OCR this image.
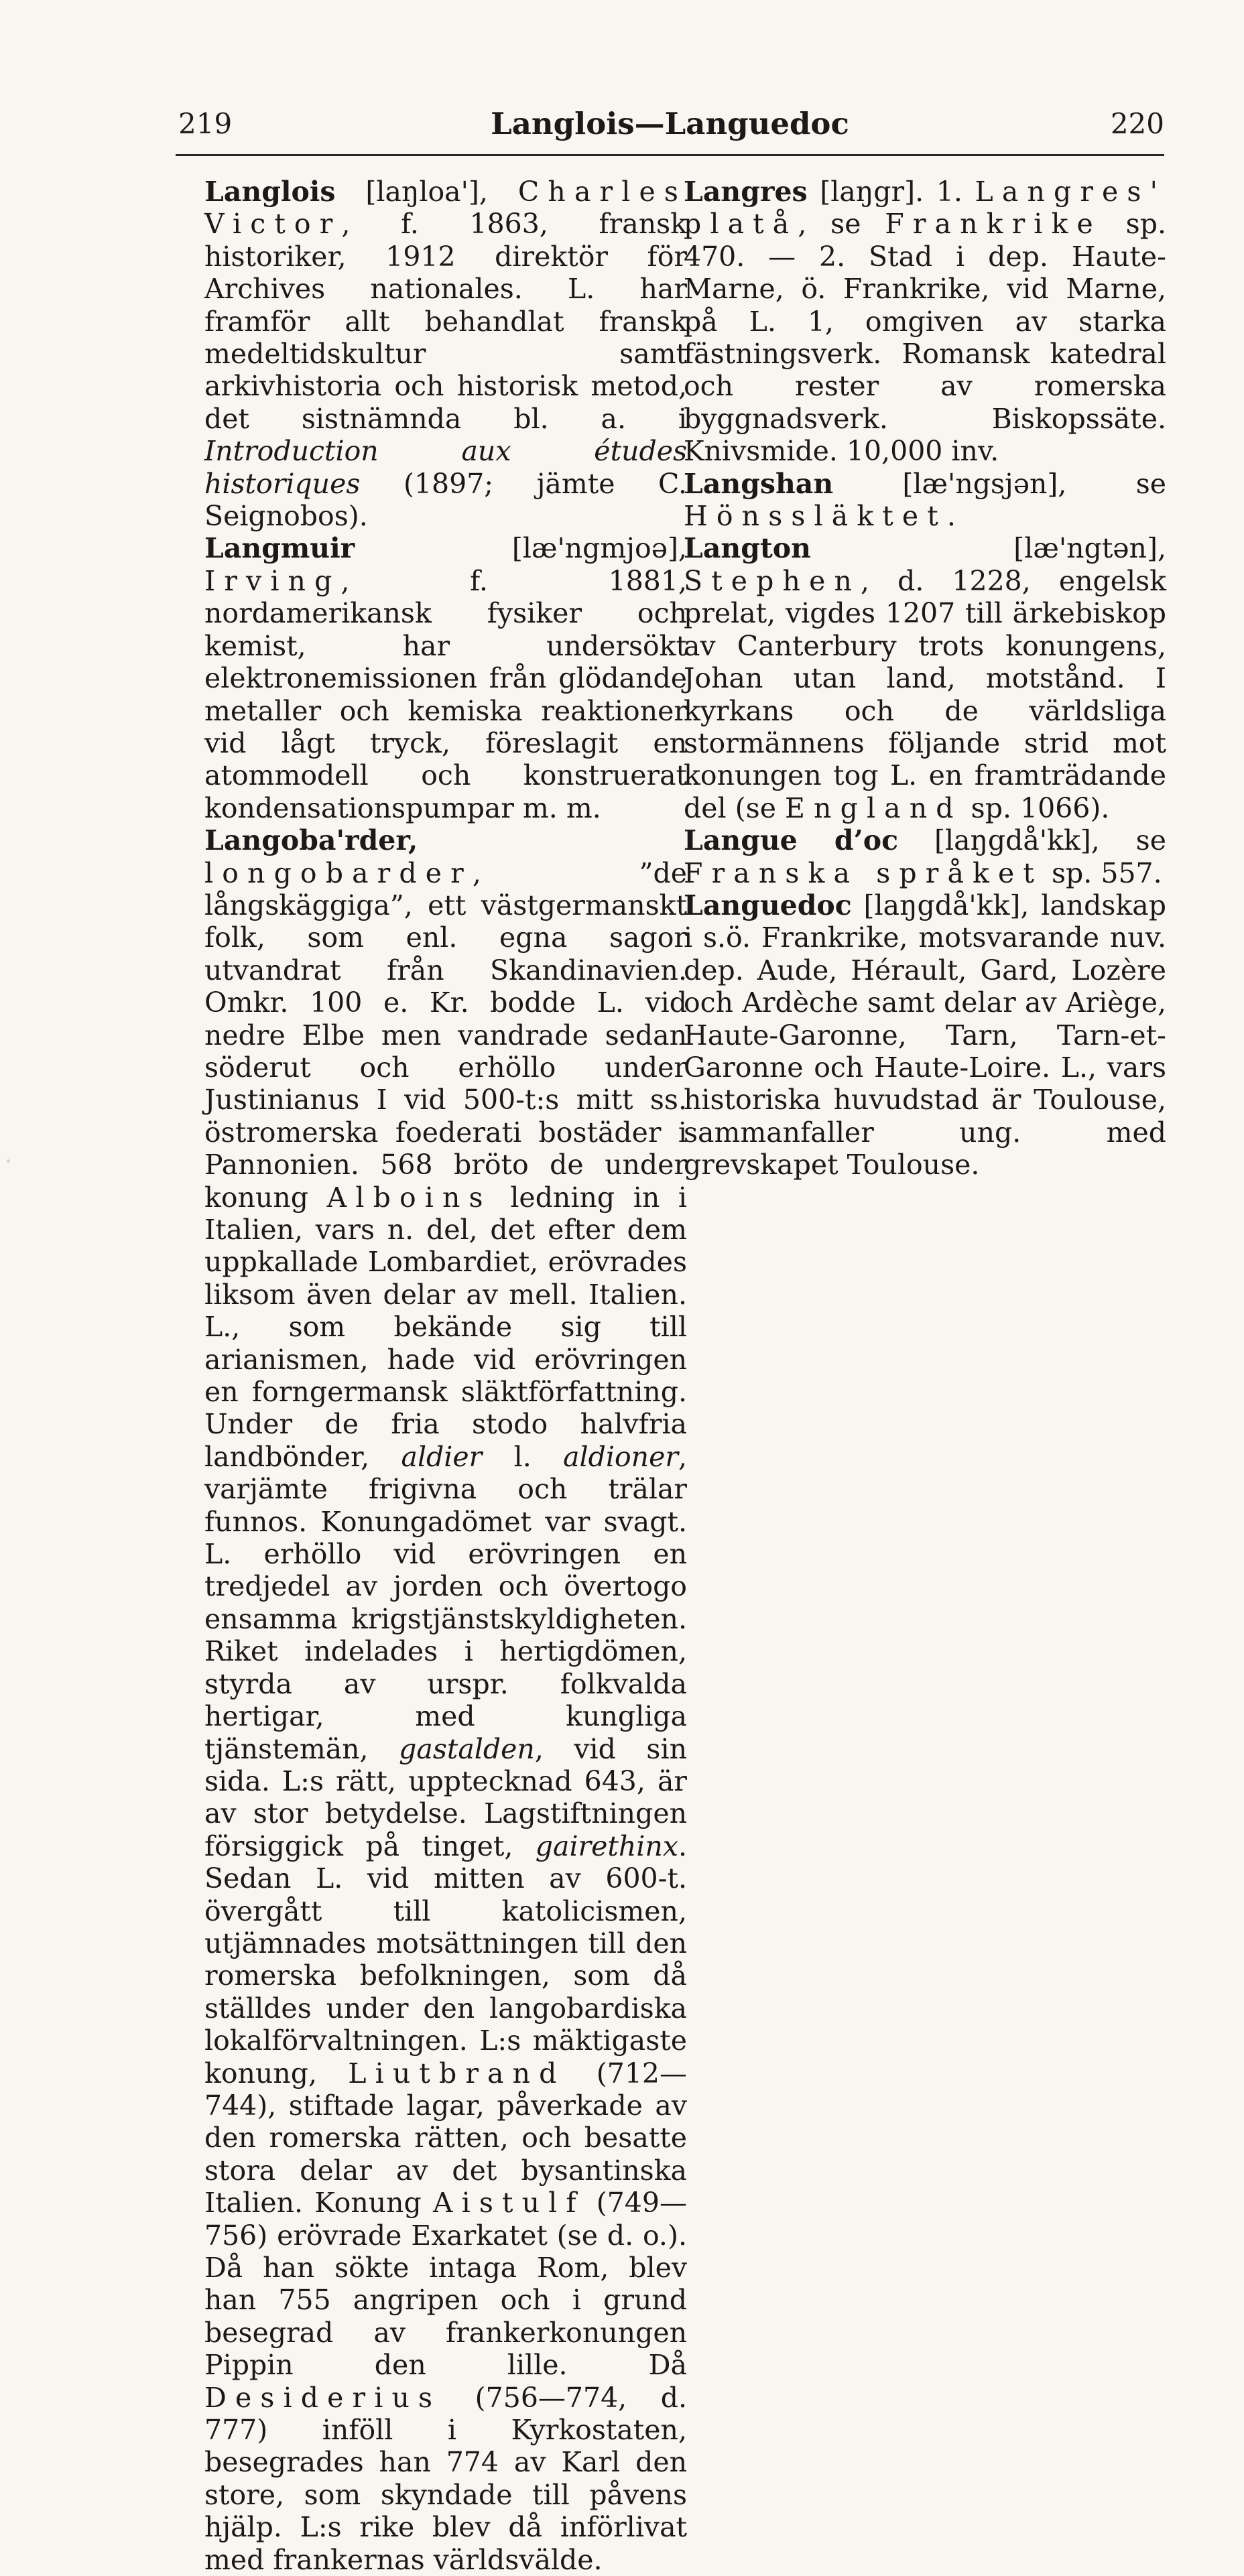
219	Langlois—Languedoc	220

Langlois [laŋloa'], Charles Victor, f. 1863, fransk historiker, 1912 direktör för Archives nationales. L. har framför allt behandlat fransk medeltidskultur samt arkivhistoria och historisk metod, det sistnämnda bl. a. i Introduction aux études historiques (1897; jämte C. Seignobos).

Langmuir [læ'ngmjoə], Irving, f. 1881, nordamerikansk fysiker och kemist, har undersökt elektronemissionen från glödande metaller och kemiska reaktioner vid lågt tryck, föreslagit en atommodell och konstruerat kondensationspumpar m. m.

Langoba'rder, longobarder, ”de långskäggiga”, ett västgermanskt folk, som enl. egna sagor utvandrat från Skandinavien. Omkr. 100 e. Kr. bodde L. vid nedre Elbe men vandrade sedan söderut och erhöllo under Justinianus I vid 500-t:s mitt ss. östromerska foederati bostäder i Pannonien. 568 bröto de under konung Alboins ledning in i Italien, vars n. del, det efter dem uppkallade Lombardiet, erövrades liksom även delar av mell. Italien. L., som bekände sig till arianismen, hade vid erövringen en forngermansk släktförfattning. Under de fria stodo halvfria landbönder, aldier l. aldioner, varjämte frigivna och trälar funnos. Konungadömet var svagt. L. erhöllo vid erövringen en tredjedel av jorden och övertogo ensamma krigstjänstskyldigheten. Riket indelades i hertigdömen, styrda av urspr. folkvalda hertigar, med kungliga tjänstemän, gastalden, vid sin sida. L:s rätt, upptecknad 643, är av stor betydelse. Lagstiftningen försiggick på tinget, gairethinx. Sedan L. vid mitten av 600-t. övergått till katolicismen, utjämnades motsättningen till den romerska befolkningen, som då ställdes under den langobardiska lokalförvaltningen. L:s mäktigaste konung, Liutbrand (712—744), stiftade lagar, påverkade av den romerska rätten, och besatte stora delar av det bysantinska Italien. Konung Aistulf (749—756) erövrade Exarkatet (se d. o.). Då han sökte intaga Rom, blev han 755 angripen och i grund besegrad av frankerkonungen Pippin den lille. Då Desiderius (756—774, d. 777) inföll i Kyrkostaten, besegrades han 774 av Karl den store, som skyndade till påvens hjälp. L:s rike blev då införlivat med frankernas världsvälde.

Langres [laŋgr]. 1. Langres' platå, se Frankrike sp. 470. — 2. Stad i dep. Haute-Marne, ö. Frankrike, vid Marne, på L. 1, omgiven av starka fästningsverk. Romansk katedral och rester av romerska byggnadsverk. Biskopssäte. Knivsmide. 10,000 inv.

Langshan [læ'ngsjən], se Hönssläktet.

Langton [læ'ngtən], Stephen, d. 1228, engelsk prelat, vigdes 1207 till ärkebiskop av Canterbury trots konungens, Johan utan land, motstånd. I kyrkans och de världsliga stormännens följande strid mot konungen tog L. en framträdande del (se England sp. 1066).

Langue d’oc [laŋgdå'kk], se Franska språket sp. 557.

Languedoc [laŋgdå'kk], landskap i s.ö. Frankrike, motsvarande nuv. dep. Aude, Hérault, Gard, Lozère och Ardèche samt delar av Ariège, Haute-Garonne, Tarn, Tarn-et-Garonne och Haute-Loire. L., vars historiska huvudstad är Toulouse, sammanfaller ung. med grevskapet Toulouse.
